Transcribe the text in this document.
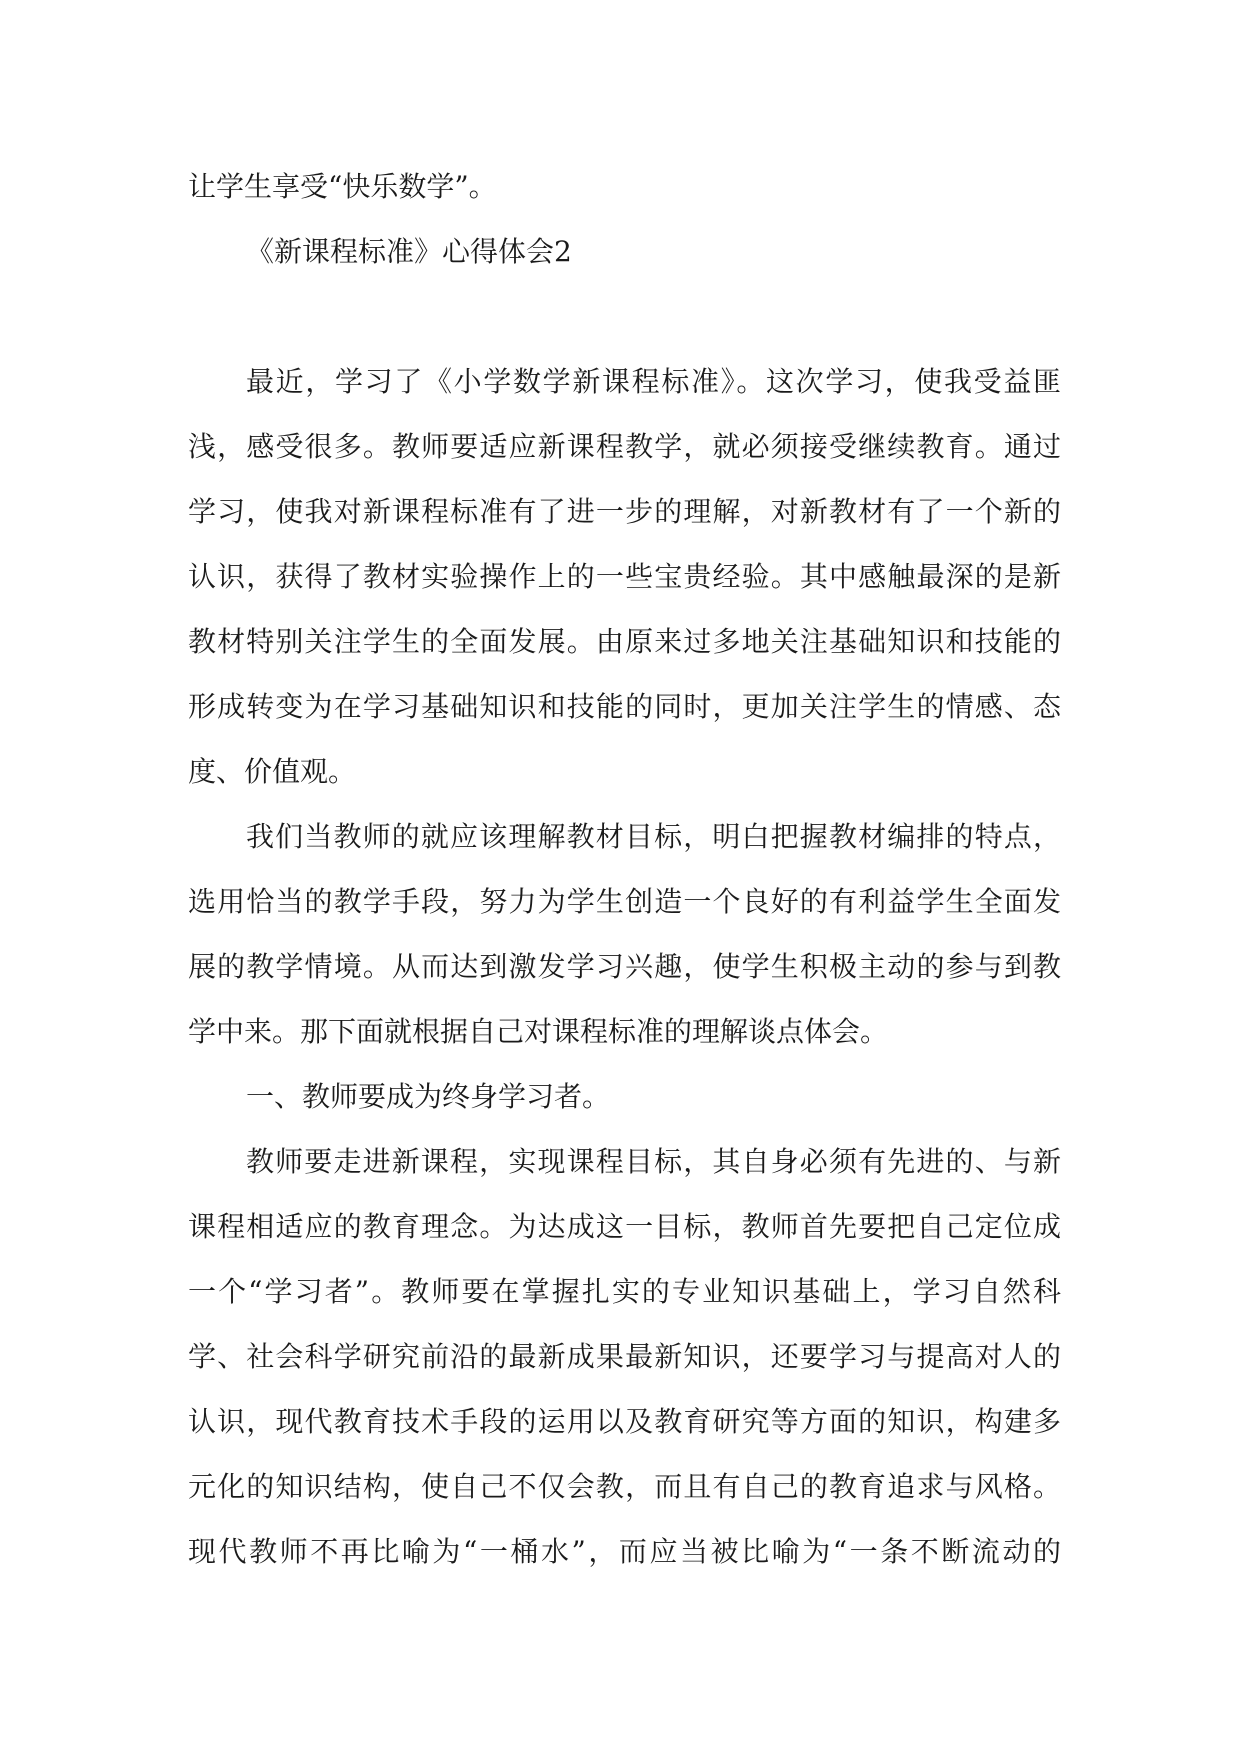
让学生享受“快乐数学”。
《新课程标准》心得体会2
最近，学习了《小学数学新课程标准》。这次学习，使我受益匪
浅，感受很多。教师要适应新课程教学，就必须接受继续教育。通过
学习，使我对新课程标准有了进一步的理解，对新教材有了一个新的
认识，获得了教材实验操作上的一些宝贵经验。其中感触最深的是新
教材特别关注学生的全面发展。由原来过多地关注基础知识和技能的
形成转变为在学习基础知识和技能的同时，更加关注学生的情感、态
度、价值观。
我们当教师的就应该理解教材目标，明白把握教材编排的特点，
选用恰当的教学手段，努力为学生创造一个良好的有利益学生全面发
展的教学情境。从而达到激发学习兴趣，使学生积极主动的参与到教
学中来。那下面就根据自己对课程标准的理解谈点体会。
一、教师要成为终身学习者。
教师要走进新课程，实现课程目标，其自身必须有先进的、与新
课程相适应的教育理念。为达成这一目标，教师首先要把自己定位成
一个“学习者”。教师要在掌握扎实的专业知识基础上，学习自然科
学、社会科学研究前沿的最新成果最新知识，还要学习与提高对人的
认识，现代教育技术手段的运用以及教育研究等方面的知识，构建多
元化的知识结构，使自己不仅会教，而且有自己的教育追求与风格。
现代教师不再比喻为“一桶水”，而应当被比喻为“一条不断流动的
